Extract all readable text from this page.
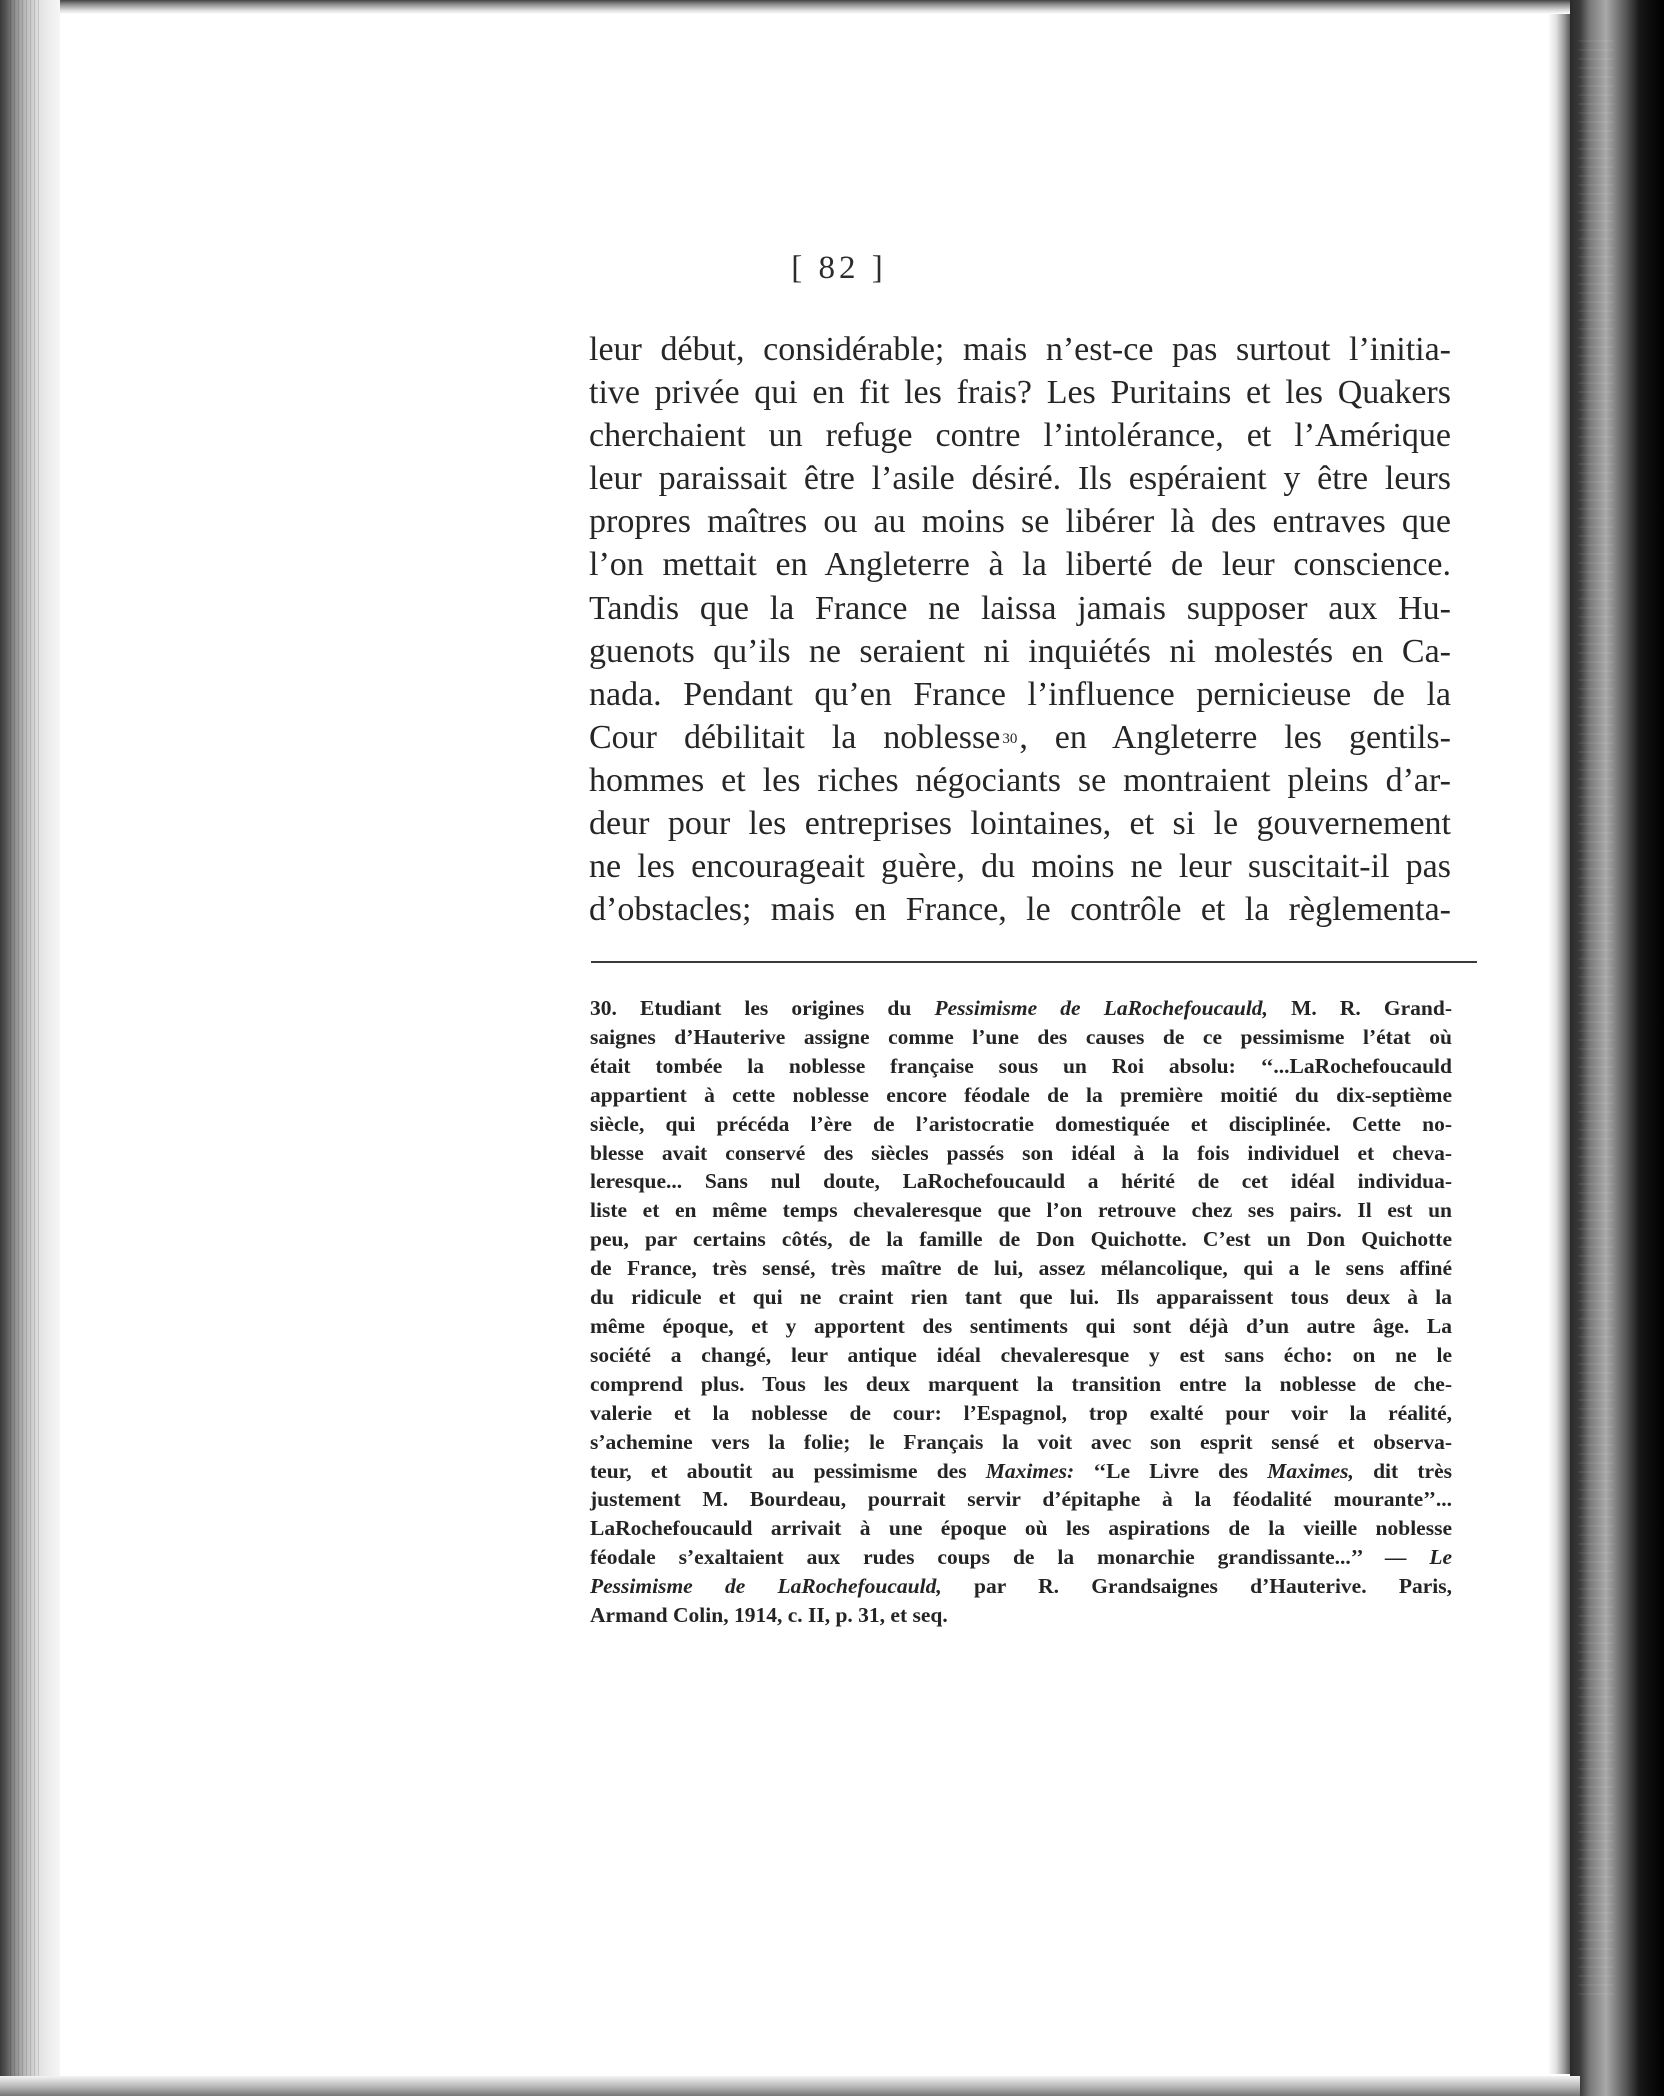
[ 82 ]
leur début, considérable; mais n’est-ce pas surtout l’initia-
tive privée qui en fit les frais? Les Puritains et les Quakers
cherchaient un refuge contre l’intolérance, et l’Amérique
leur paraissait être l’asile désiré. Ils espéraient y être leurs
propres maîtres ou au moins se libérer là des entraves que
l’on mettait en Angleterre à la liberté de leur conscience.
Tandis que la France ne laissa jamais supposer aux Hu-
guenots qu’ils ne seraient ni inquiétés ni molestés en Ca-
nada. Pendant qu’en France l’influence pernicieuse de la
Cour débilitait la noblesse $^{30}$, en Angleterre les gentils-
hommes et les riches négociants se montraient pleins d’ar-
deur pour les entreprises lointaines, et si le gouvernement
ne les encourageait guère, du moins ne leur suscitait-il pas
d’obstacles; mais en France, le contrôle et la règlementa-
30. Etudiant les origines du Pessimisme de LaRochefoucauld, M. R. Grand-
saignes d’Hauterive assigne comme l’une des causes de ce pessimisme l’état où
était tombée la noblesse française sous un Roi absolu: ‘‘...LaRochefoucauld
appartient à cette noblesse encore féodale de la première moitié du dix-septième
siècle, qui précéda l’ère de l’aristocratie domestiquée et disciplinée. Cette no-
blesse avait conservé des siècles passés son idéal à la fois individuel et cheva-
leresque... Sans nul doute, LaRochefoucauld a hérité de cet idéal individua-
liste et en même temps chevaleresque que l’on retrouve chez ses pairs. Il est un
peu, par certains côtés, de la famille de Don Quichotte. C’est un Don Quichotte
de France, très sensé, très maître de lui, assez mélancolique, qui a le sens affiné
du ridicule et qui ne craint rien tant que lui. Ils apparaissent tous deux à la
même époque, et y apportent des sentiments qui sont déjà d’un autre âge. La
société a changé, leur antique idéal chevaleresque y est sans écho: on ne le
comprend plus. Tous les deux marquent la transition entre la noblesse de che-
valerie et la noblesse de cour: l’Espagnol, trop exalté pour voir la réalité,
s’achemine vers la folie; le Français la voit avec son esprit sensé et observa-
teur, et aboutit au pessimisme des Maximes: ‘‘Le Livre des Maximes, dit très
justement M. Bourdeau, pourrait servir d’épitaphe à la féodalité mourante’’...
LaRochefoucauld arrivait à une époque où les aspirations de la vieille noblesse
féodale s’exaltaient aux rudes coups de la monarchie grandissante...’’ — Le
Pessimisme de LaRochefoucauld, par R. Grandsaignes d’Hauterive. Paris,
Armand Colin, 1914, c. II, p. 31, et seq.
